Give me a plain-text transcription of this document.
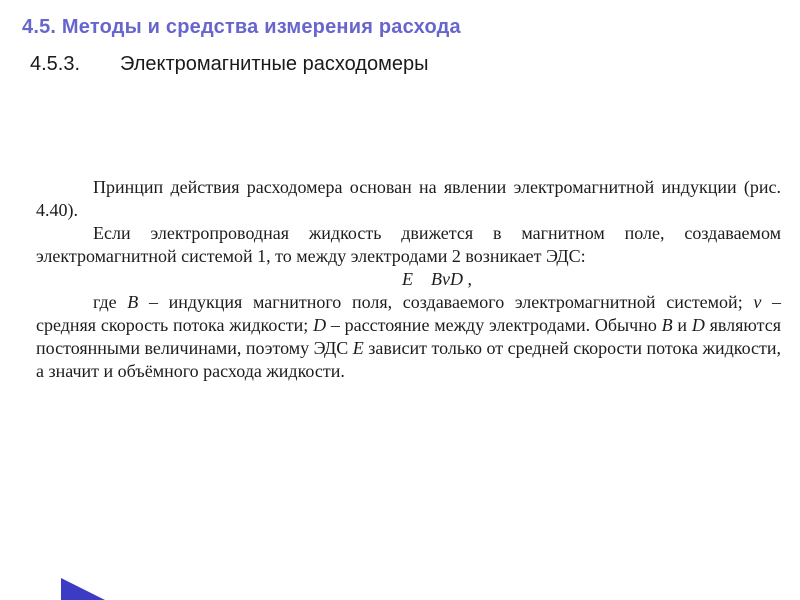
4.5. Методы и средства измерения расхода
4.5.3. Электромагнитные расходомеры

Принцип действия расходомера основан на явлении электромагнитной индукции (рис. 4.40).

Если электропроводная жидкость движется в магнитном поле, создаваемом электромагнитной системой 1, то между электродами 2 возникает ЭДС:

E BvD ,

где B – индукция магнитного поля, создаваемого электромагнитной системой; v – средняя скорость потока жидкости; D – расстояние между электродами. Обычно B и D являются постоянными величинами, поэтому ЭДС E зависит только от средней скорости потока жидкости, а значит и объёмного расхода жидкости.
